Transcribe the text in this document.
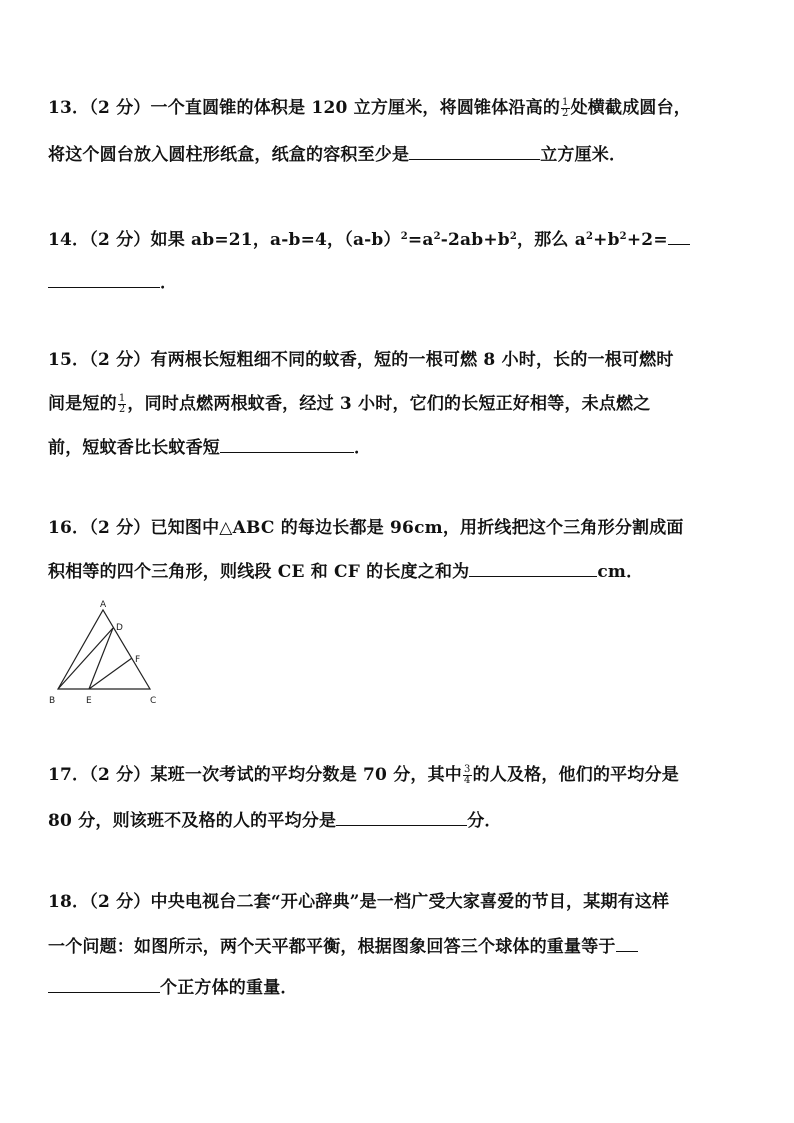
13．（2 分）一个直圆锥的体积是 120 立方厘米，将圆锥体沿高的 $\frac{1}{2}$ 处横截成圆台，
将这个圆台放入圆柱形纸盒，纸盒的容积至少是	立方厘米．
14．（2 分）如果 ab=21，a-b=4，$(a-b)^2=a^2-2ab+b^2$，那么 $a^2+b^2+2=$
．
15．（2 分）有两根长短粗细不同的蚊香，短的一根可燃 8 小时，长的一根可燃时
间是短的 $\frac{1}{2}$ ，同时点燃两根蚊香，经过 3 小时，它们的长短正好相等，未点燃之
前，短蚊香比长蚊香短	．
16．（2 分）已知图中△ABC 的每边长都是 96cm，用折线把这个三角形分割成面
积相等的四个三角形，则线段 CE 和 CF 的长度之和为	cm．
A
D
F
B	E	C
17．（2 分）某班一次考试的平均分数是 70 分，其中 $\frac{3}{4}$ 的人及格，他们的平均分是
80 分，则该班不及格的人的平均分是	分．
18．（2 分）中央电视台二套“开心辞典”是一档广受大家喜爱的节目，某期有这样
一个问题：如图所示，两个天平都平衡，根据图象回答三个球体的重量等于
个正方体的重量．
